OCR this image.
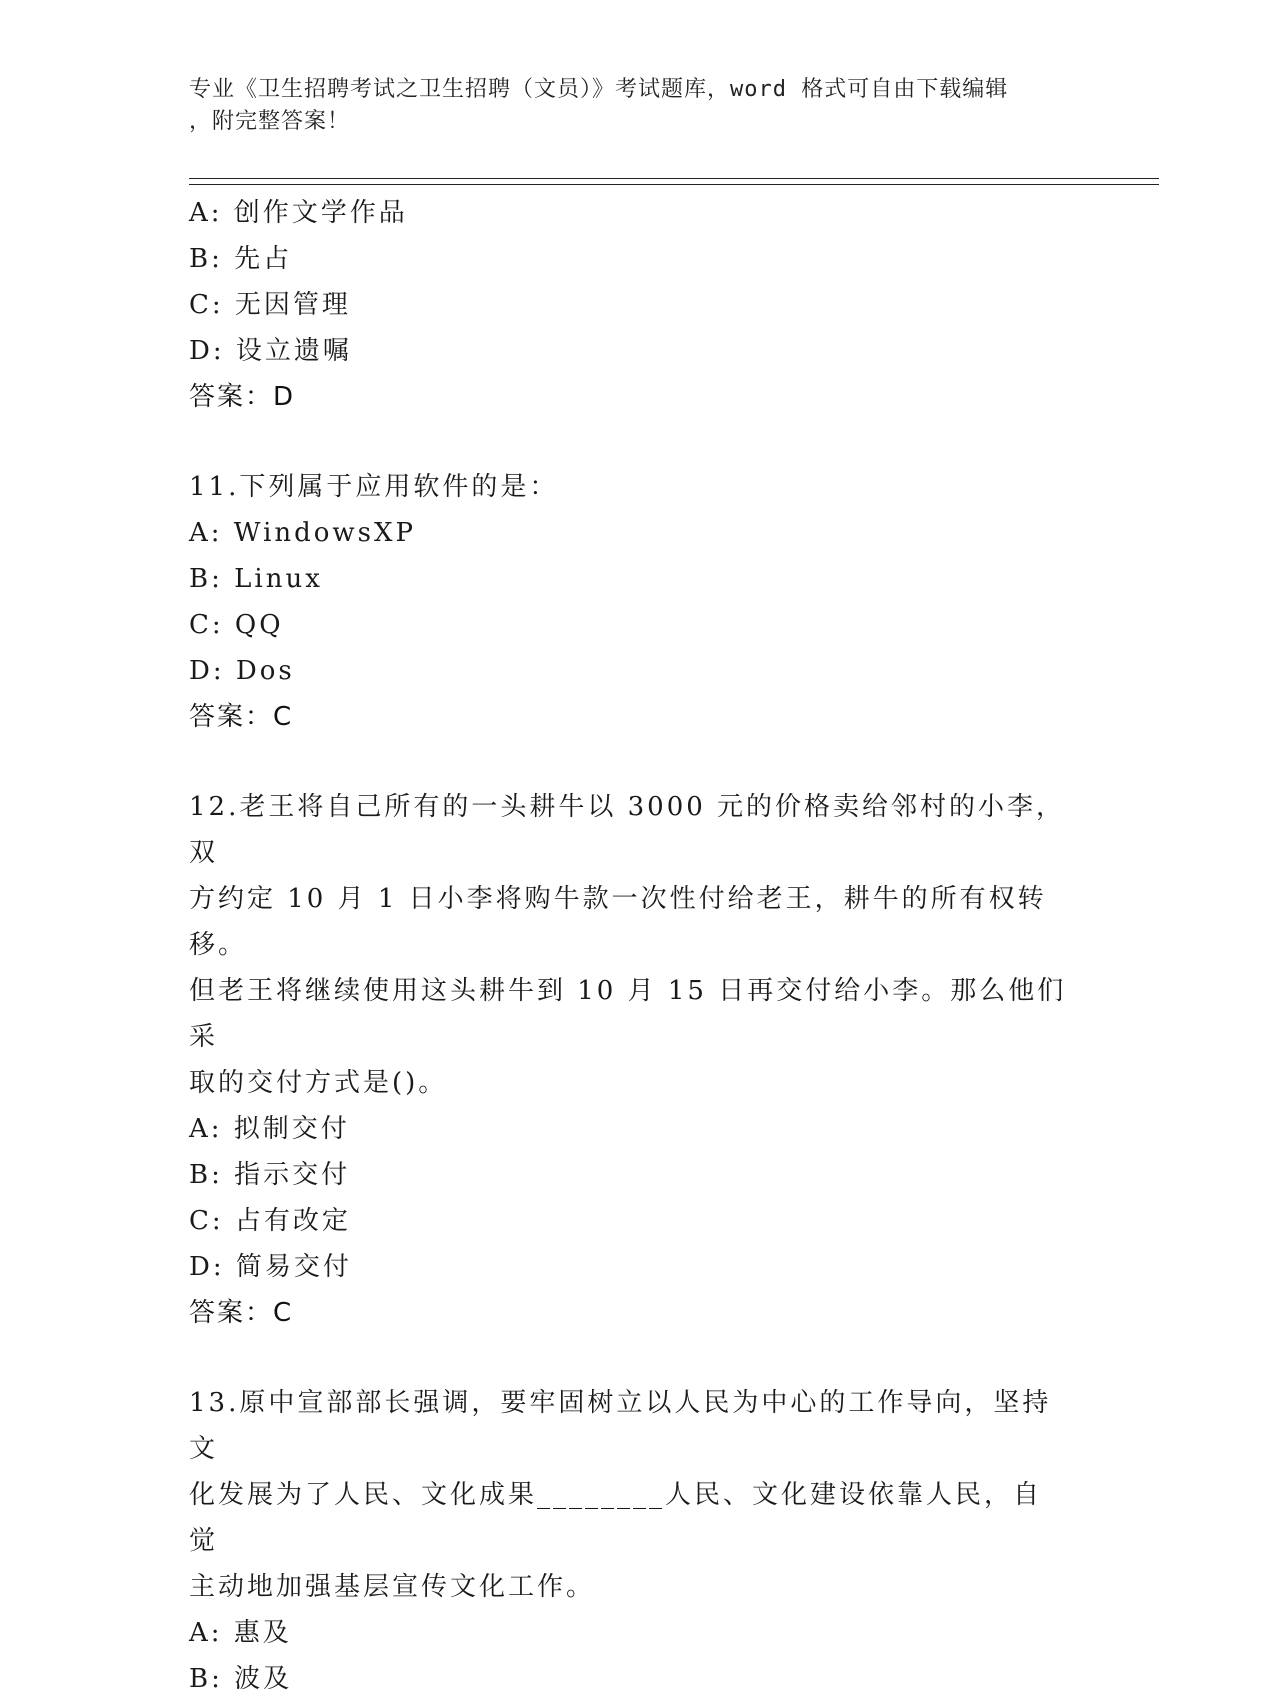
专业《卫生招聘考试之卫生招聘（文员）》考试题库，word 格式可自由下载编辑
，附完整答案！
A: 创作文学作品
B: 先占
C: 无因管理
D: 设立遗嘱
答案：D
11.下列属于应用软件的是：
A: WindowsXP
B: Linux
C: QQ
D: Dos
答案：C
12.老王将自己所有的一头耕牛以 3000 元的价格卖给邻村的小李，双
方约定 10 月 1 日小李将购牛款一次性付给老王，耕牛的所有权转移。
但老王将继续使用这头耕牛到 10 月 15 日再交付给小李。那么他们采
取的交付方式是()。
A: 拟制交付
B: 指示交付
C: 占有改定
D: 简易交付
答案：C
13.原中宣部部长强调，要牢固树立以人民为中心的工作导向，坚持文
化发展为了人民、文化成果________人民、文化建设依靠人民，自觉
主动地加强基层宣传文化工作。
A: 惠及
B: 波及
